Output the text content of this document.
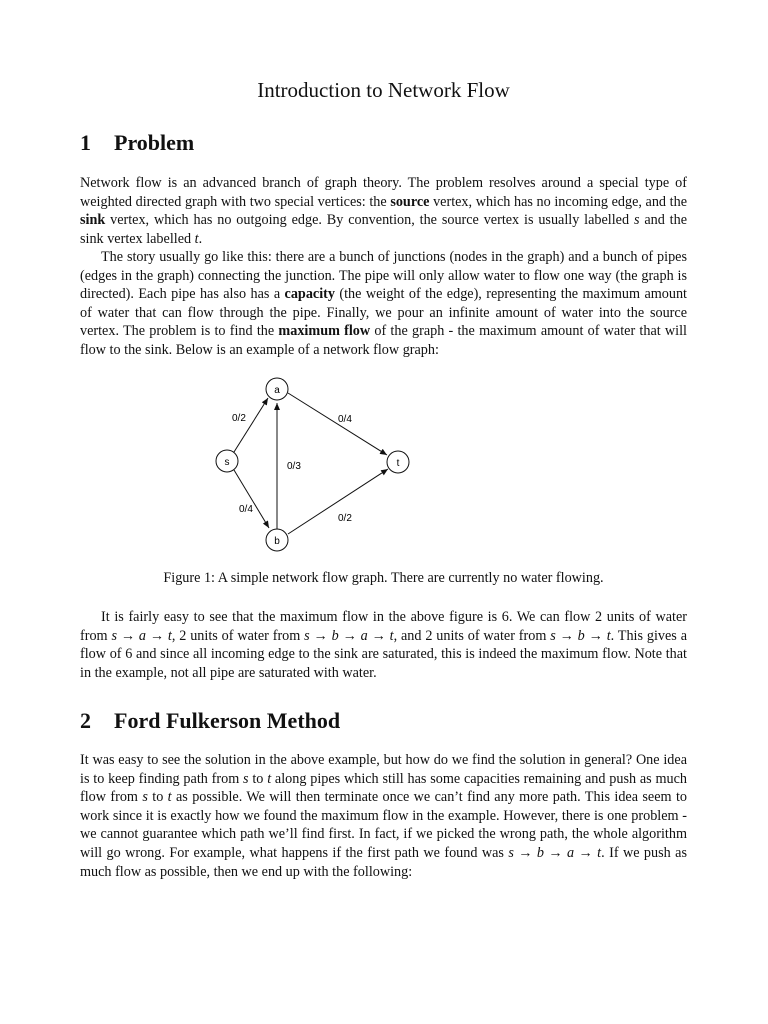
Introduction to Network Flow
1 Problem

Network flow is an advanced branch of graph theory. The problem resolves around a special type of weighted directed graph with two special vertices: the source vertex, which has no incoming edge, and the sink vertex, which has no outgoing edge. By convention, the source vertex is usually labelled s and the sink vertex labelled t.

The story usually go like this: there are a bunch of junctions (nodes in the graph) and a bunch of pipes (edges in the graph) connecting the junction. The pipe will only allow water to flow one way (the graph is directed). Each pipe has also has a capacity (the weight of the edge), representing the maximum amount of water that can flow through the pipe. Finally, we pour an infinite amount of water into the source vertex. The problem is to find the maximum flow of the graph - the maximum amount of water that will flow to the sink. Below is an example of a network flow graph:

a
s	t
b
0/2	0/4
0/3
0/4
0/2

Figure 1: A simple network flow graph. There are currently no water flowing.

It is fairly easy to see that the maximum flow in the above figure is 6. We can flow 2 units of water from s → a → t, 2 units of water from s → b → a → t, and 2 units of water from s → b → t. This gives a flow of 6 and since all incoming edge to the sink are saturated, this is indeed the maximum flow. Note that in the example, not all pipe are saturated with water.

2 Ford Fulkerson Method

It was easy to see the solution in the above example, but how do we find the solution in general? One idea is to keep finding path from s to t along pipes which still has some capacities remaining and push as much flow from s to t as possible. We will then terminate once we can’t find any more path. This idea seem to work since it is exactly how we found the maximum flow in the example. However, there is one problem - we cannot guarantee which path we’ll find first. In fact, if we picked the wrong path, the whole algorithm will go wrong. For example, what happens if the first path we found was s → b → a → t. If we push as much flow as possible, then we end up with the following:
